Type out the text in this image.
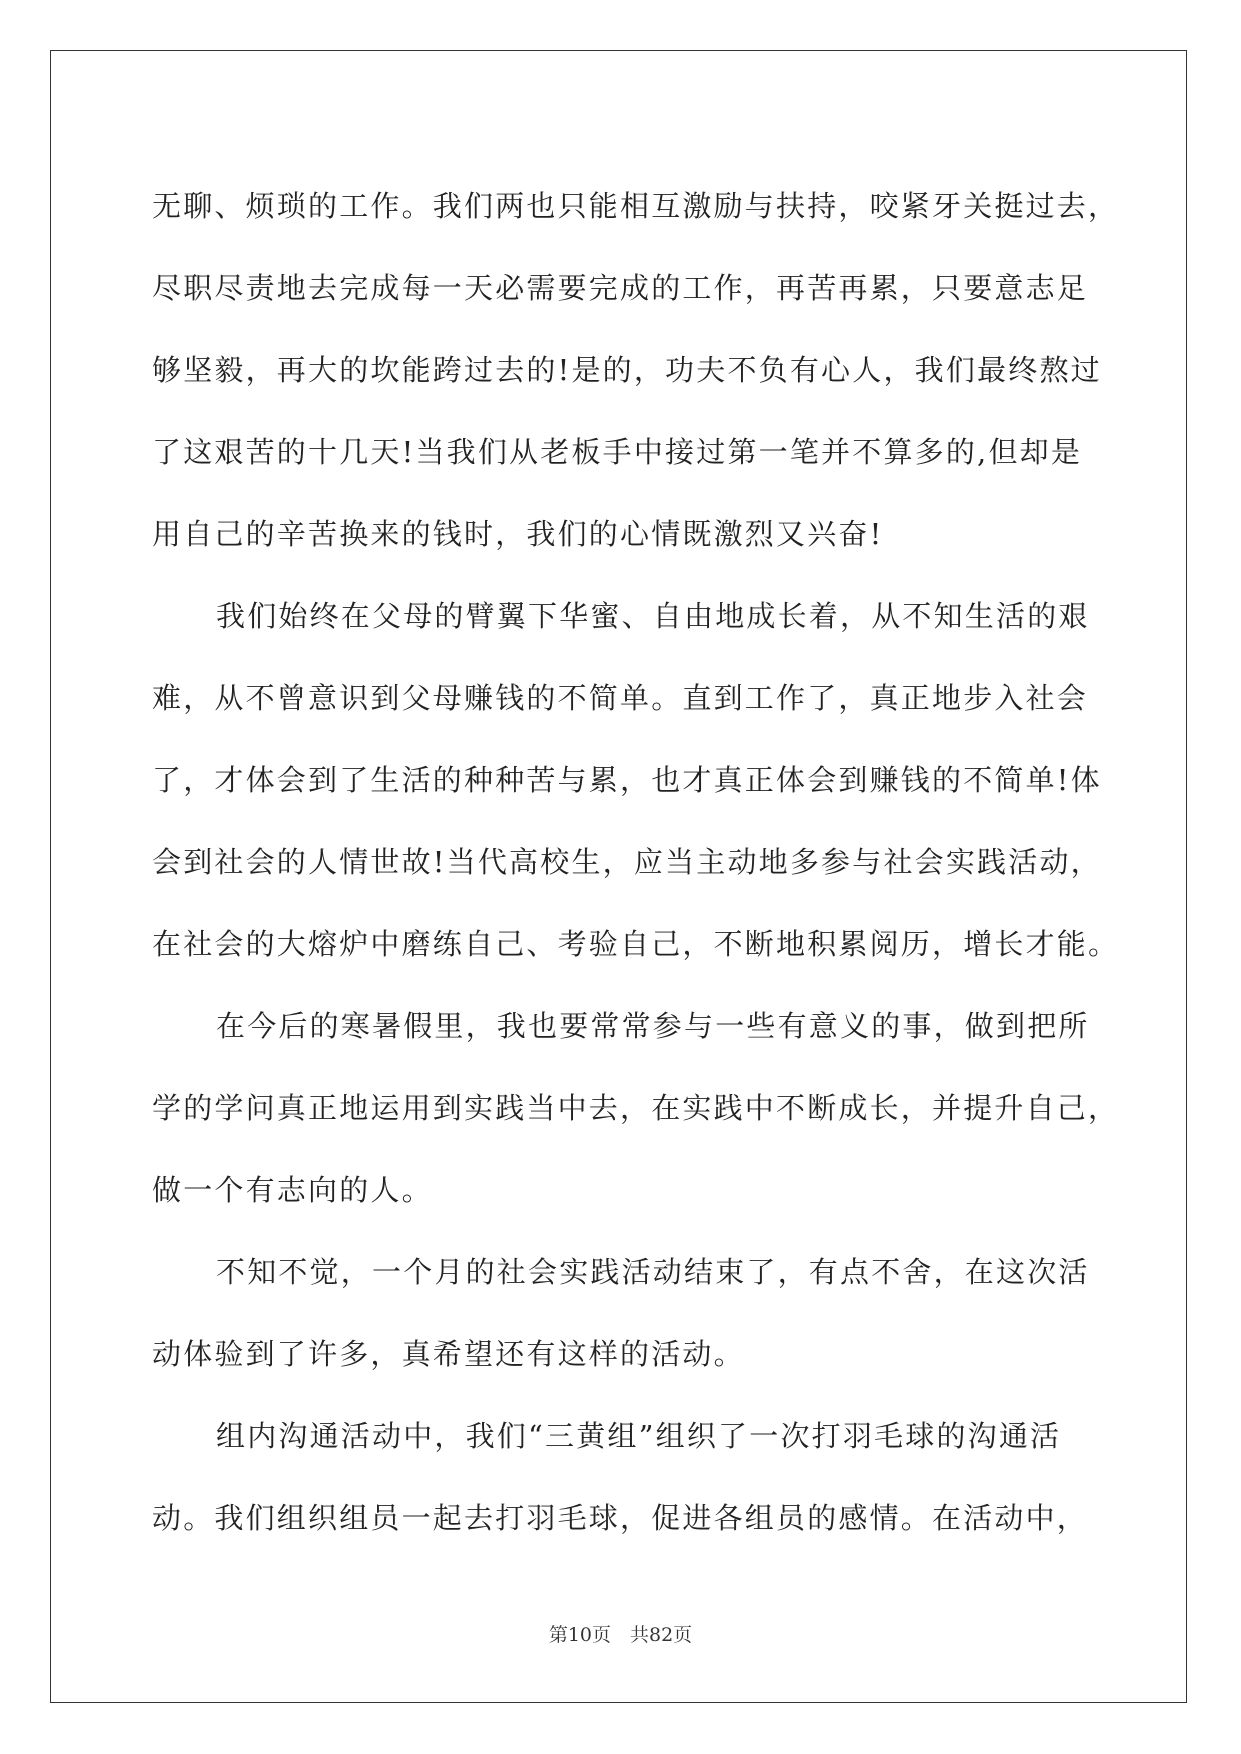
无聊、烦琐的工作。我们两也只能相互激励与扶持，咬紧牙关挺过去，
尽职尽责地去完成每一天必需要完成的工作，再苦再累，只要意志足
够坚毅，再大的坎能跨过去的!是的，功夫不负有心人，我们最终熬过
了这艰苦的十几天!当我们从老板手中接过第一笔并不算多的,但却是
用自己的辛苦换来的钱时，我们的心情既激烈又兴奋!
我们始终在父母的臂翼下华蜜、自由地成长着，从不知生活的艰
难，从不曾意识到父母赚钱的不简单。直到工作了，真正地步入社会
了，才体会到了生活的种种苦与累，也才真正体会到赚钱的不简单!体
会到社会的人情世故!当代高校生，应当主动地多参与社会实践活动，
在社会的大熔炉中磨练自己、考验自己，不断地积累阅历，增长才能。
在今后的寒暑假里，我也要常常参与一些有意义的事，做到把所
学的学问真正地运用到实践当中去，在实践中不断成长，并提升自己，
做一个有志向的人。
不知不觉，一个月的社会实践活动结束了，有点不舍，在这次活
动体验到了许多，真希望还有这样的活动。
组内沟通活动中，我们“三黄组”组织了一次打羽毛球的沟通活
动。我们组织组员一起去打羽毛球，促进各组员的感情。在活动中，
第10页　共82页
